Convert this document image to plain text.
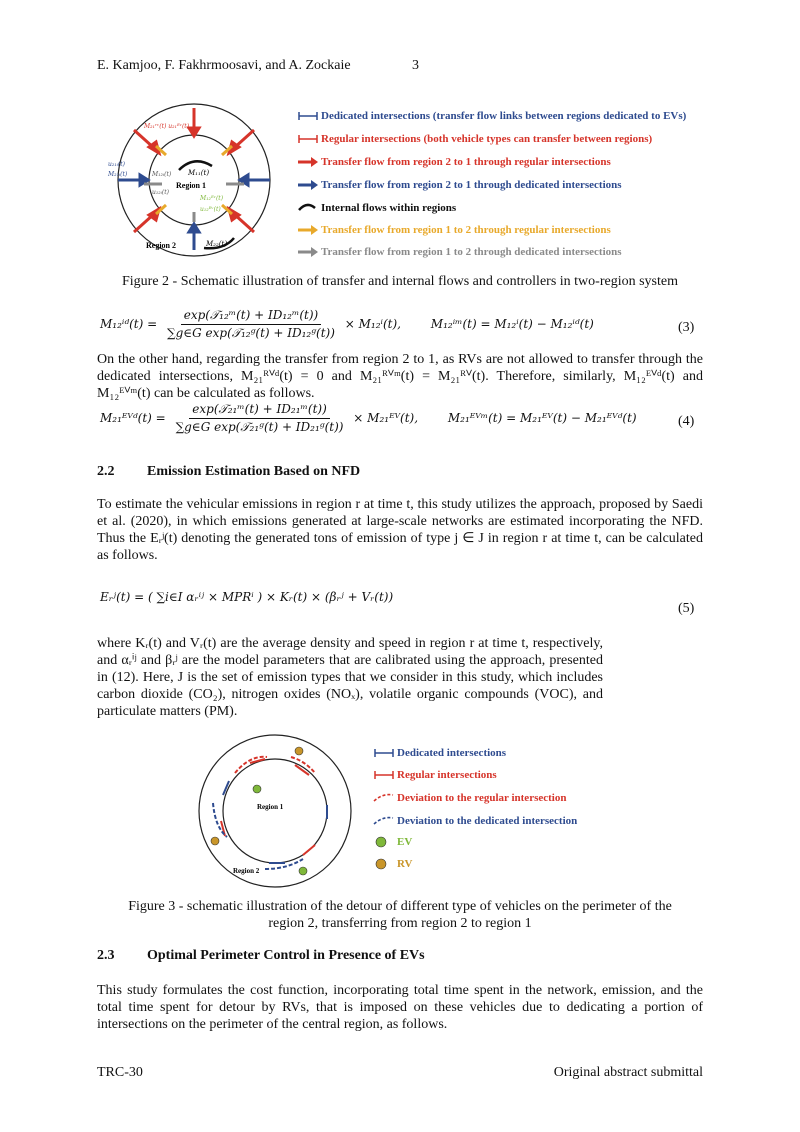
E. Kamjoo, F. Fakhrmoosavi, and A. Zockaie	3
Region 1
Region 2
M₁₁(t)
M₂₂(t)
M₂₁ʳᵛ(t) u₂₁ᴱᵛ(t)
u₂₁ᵢ(t)
M₂₁ᵢ(t)	M₁₂ᵢ(t)
u₁₂ᵢ(t)
M₁₂ᴱᵛ(t)
u₁₂ᴱᵛ(t)
Dedicated intersections (transfer flow links between regions dedicated to EVs)
Regular intersections (both vehicle types can transfer between regions)
Transfer flow from region 2 to 1 through regular intersections
Transfer flow from region 2 to 1 through dedicated intersections
Internal flows within regions
Transfer flow from region 1 to 2 through regular intersections
Transfer flow from region 1 to 2 through dedicated intersections
Figure 2 - Schematic illustration of transfer and internal flows and controllers in two-region system
M₁₂ⁱᵈ(t) = $\frac{\text{exp(𝒯₁₂ᵐ(t) + ID₁₂ᵐ(t))}}{\text{∑g∈G exp(𝒯₁₂ᵍ(t) + ID₁₂ᵍ(t))}} \times M_{12}^i(t)$, M₁₂ⁱᵐ(t) = M₁₂ⁱ(t) − M₁₂ⁱᵈ(t)	(3)
On the other hand, regarding the transfer from region 2 to 1, as RVs are not allowed to transfer through the dedicated intersections, M₂₁ᴿⱽᵈ(t) = 0 and M₂₁ᴿⱽᵐ(t) = M₂₁ᴿⱽ(t). Therefore, similarly, M₁₂ᴱⱽᵈ(t) and M₁₂ᴱⱽᵐ(t) can be calculated as follows.
M₂₁ᴱⱽᵈ(t) = $\frac{\text{exp(𝒯₂₁ᵐ(t) + ID₂₁ᵐ(t))}}{\text{∑g∈G exp(𝒯₂₁ᵍ(t) + ID₂₁ᵍ(t))}}$ × M₂₁ᴱⱽ(t), M₂₁ᴱⱽᵐ(t) = M₂₁ᴱⱽ(t) − M₂₁ᴱⱽᵈ(t)	(4)
2.2 Emission Estimation Based on NFD
To estimate the vehicular emissions in region r at time t, this study utilizes the approach, proposed by Saedi et al. (2020), in which emissions generated at large-scale networks are estimated incorporating the NFD. Thus the Eᵣʲ(t) denoting the generated tons of emission of type j ∈ J in region r at time t, can be calculated as follows.
Eᵣʲ(t) = ( ∑i∈I αᵣⁱʲ × MPRⁱ ) × Kᵣ(t) × (βᵣʲ + Vᵣ(t))
(5)
where Kᵣ(t) and Vᵣ(t) are the average density and speed in region r at time t, respectively, and αᵣⁱʲ and βᵣʲ are the model parameters that are calibrated using the approach, presented in (12). Here, J is the set of emission types that we consider in this study, which includes carbon dioxide (CO₂), nitrogen oxides (NOₓ), volatile organic compounds (VOC), and particulate matters (PM).
Region 1
Region 2
Dedicated intersections
Regular intersections
Deviation to the regular intersection
Deviation to the dedicated intersection
EV
RV
Figure 3 - schematic illustration of the detour of different type of vehicles on the perimeter of the region 2, transferring from region 2 to region 1
2.3 Optimal Perimeter Control in Presence of EVs
This study formulates the cost function, incorporating total time spent in the network, emission, and the total time spent for detour by RVs, that is imposed on these vehicles due to dedicating a portion of intersections on the perimeter of the central region, as follows.
TRC-30	Original abstract submittal
